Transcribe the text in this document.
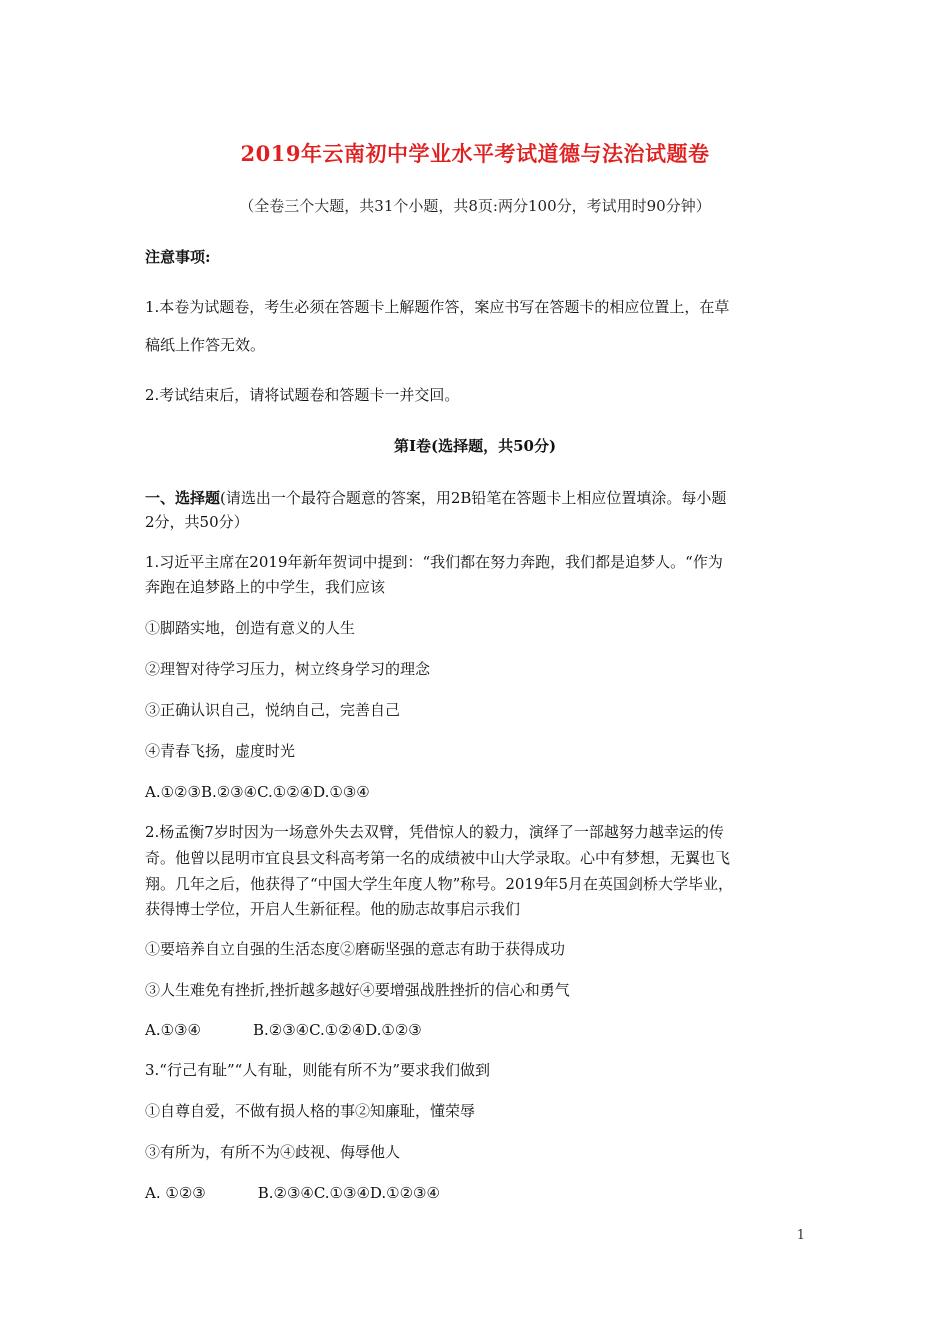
2019年云南初中学业水平考试道德与法治试题卷
（全卷三个大题，共31个小题，共8页:两分100分，考试用时90分钟）
注意事项:
1.本卷为试题卷，考生必须在答题卡上解题作答，案应书写在答题卡的相应位置上，在草
稿纸上作答无效。
2.考试结束后，请将试题卷和答题卡一并交回。
第Ⅰ卷(选择题，共50分)
一、选择题(请选出一个最符合题意的答案，用2B铅笔在答题卡上相应位置填涂。每小题
2分，共50分）
1.习近平主席在2019年新年贺词中提到：“我们都在努力奔跑，我们都是追梦人。“作为
奔跑在追梦路上的中学生，我们应该
①脚踏实地，创造有意义的人生
②理智对待学习压力，树立终身学习的理念
③正确认识自己，悦纳自己，完善自己
④青春飞扬，虚度时光
A.①②③B.②③④C.①②④D.①③④
2.杨孟衡7岁时因为一场意外失去双臂，凭借惊人的毅力，演绎了一部越努力越幸运的传
奇。他曾以昆明市宜良县文科高考第一名的成绩被中山大学录取。心中有梦想，无翼也飞
翔。几年之后，他获得了“中国大学生年度人物”称号。2019年5月在英国剑桥大学毕业，
获得博士学位，开启人生新征程。他的励志故事启示我们
①要培养自立自强的生活态度②磨砺坚强的意志有助于获得成功
③人生难免有挫折,挫折越多越好④要增强战胜挫折的信心和勇气
A.①③④	B.②③④C.①②④D.①②③
3.“行己有耻”“人有耻，则能有所不为”要求我们做到
①自尊自爱，不做有损人格的事②知廉耻，懂荣辱
③有所为，有所不为④歧视、侮辱他人
A. ①②③	B.②③④C.①③④D.①②③④
1
